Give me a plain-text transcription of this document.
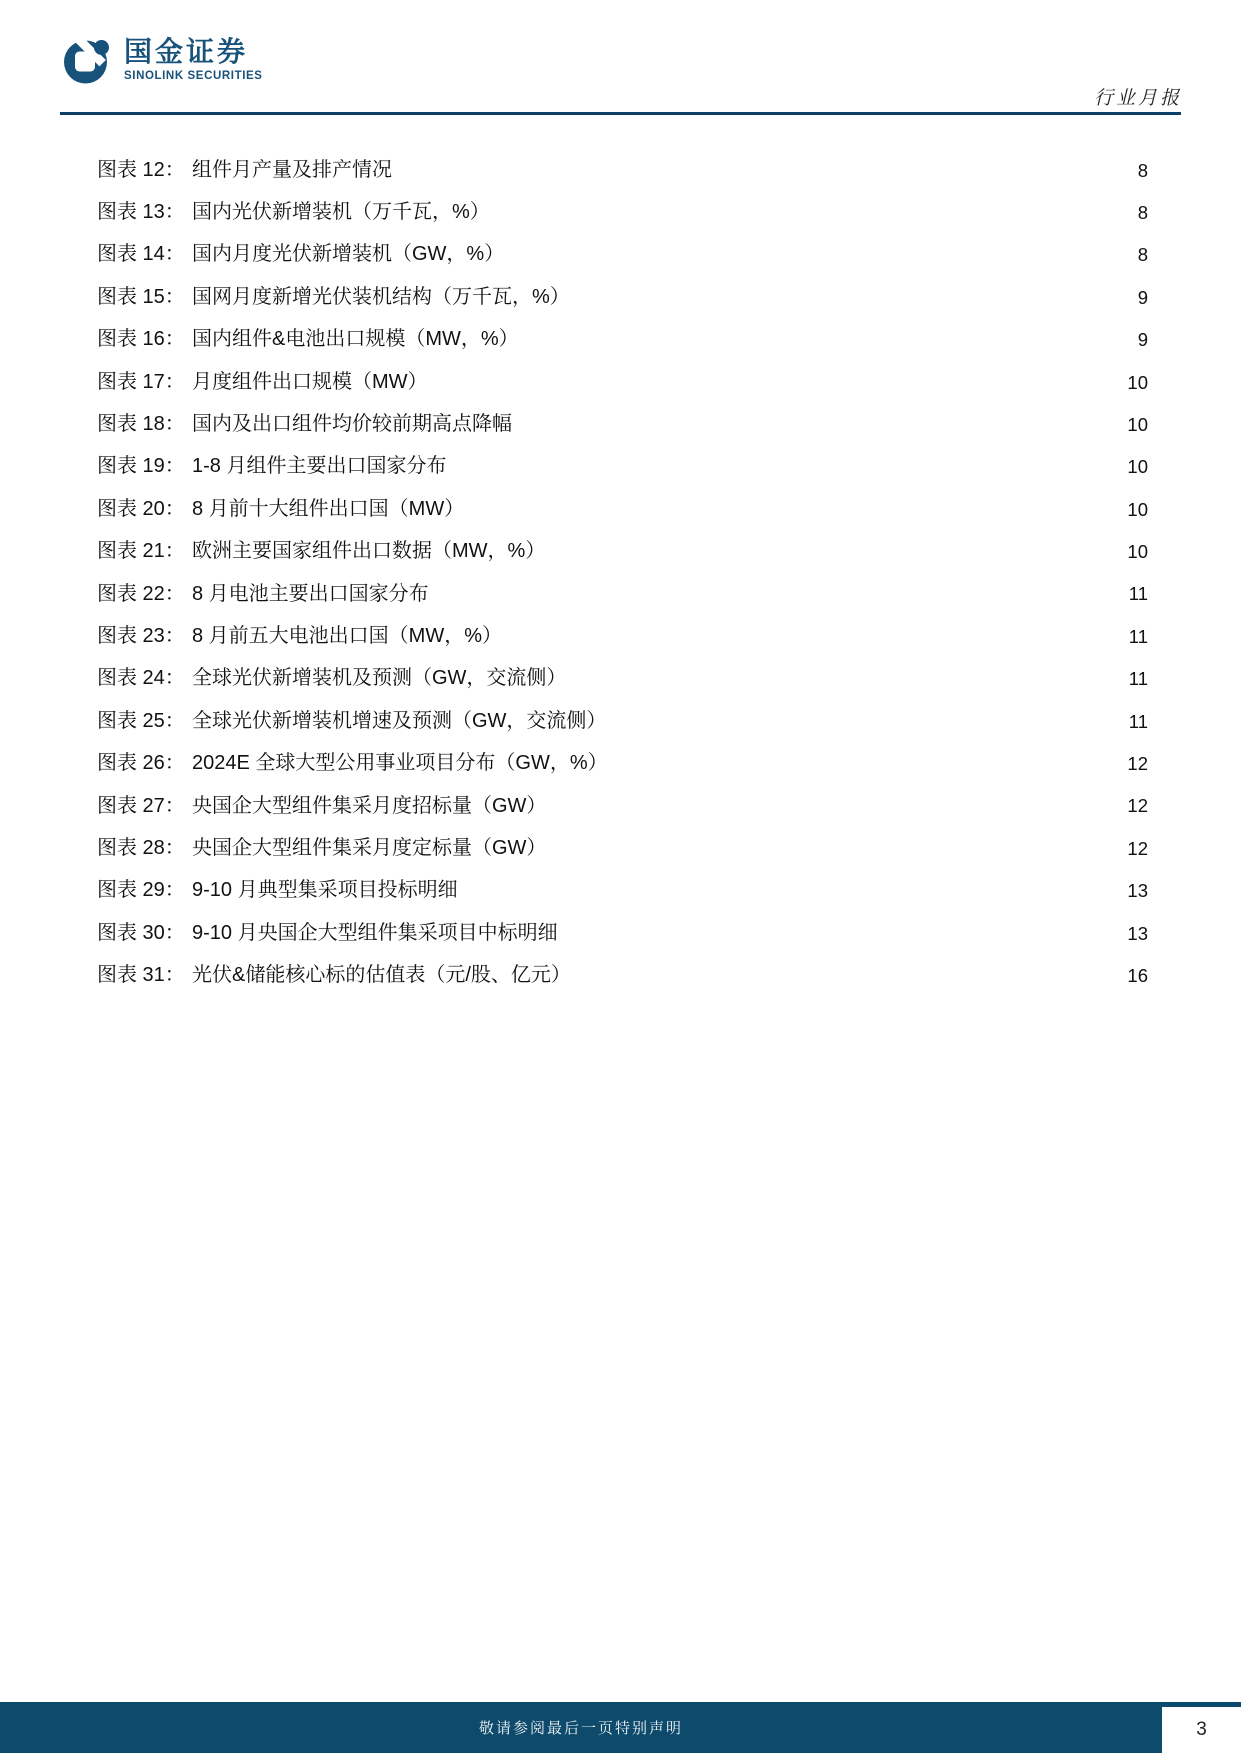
国金证券
SINOLINK SECURITIES
行业月报
图表 12： 组件月产量及排产情况	8
图表 13： 国内光伏新增装机（万千瓦，%）	8
图表 14： 国内月度光伏新增装机（GW，%）	8
图表 15： 国网月度新增光伏装机结构（万千瓦，%）	9
图表 16： 国内组件&电池出口规模（MW，%）	9
图表 17： 月度组件出口规模（MW）	10
图表 18： 国内及出口组件均价较前期高点降幅	10
图表 19： 1-8 月组件主要出口国家分布	10
图表 20： 8 月前十大组件出口国（MW）	10
图表 21： 欧洲主要国家组件出口数据（MW，%）	10
图表 22： 8 月电池主要出口国家分布	11
图表 23： 8 月前五大电池出口国（MW，%）	11
图表 24： 全球光伏新增装机及预测（GW，交流侧）	11
图表 25： 全球光伏新增装机增速及预测（GW，交流侧）	11
图表 26： 2024E 全球大型公用事业项目分布（GW，%）	12
图表 27： 央国企大型组件集采月度招标量（GW）	12
图表 28： 央国企大型组件集采月度定标量（GW）	12
图表 29： 9-10 月典型集采项目投标明细	13
图表 30： 9-10 月央国企大型组件集采项目中标明细	13
图表 31： 光伏&储能核心标的估值表（元/股、亿元）	16
敬请参阅最后一页特别声明	3
